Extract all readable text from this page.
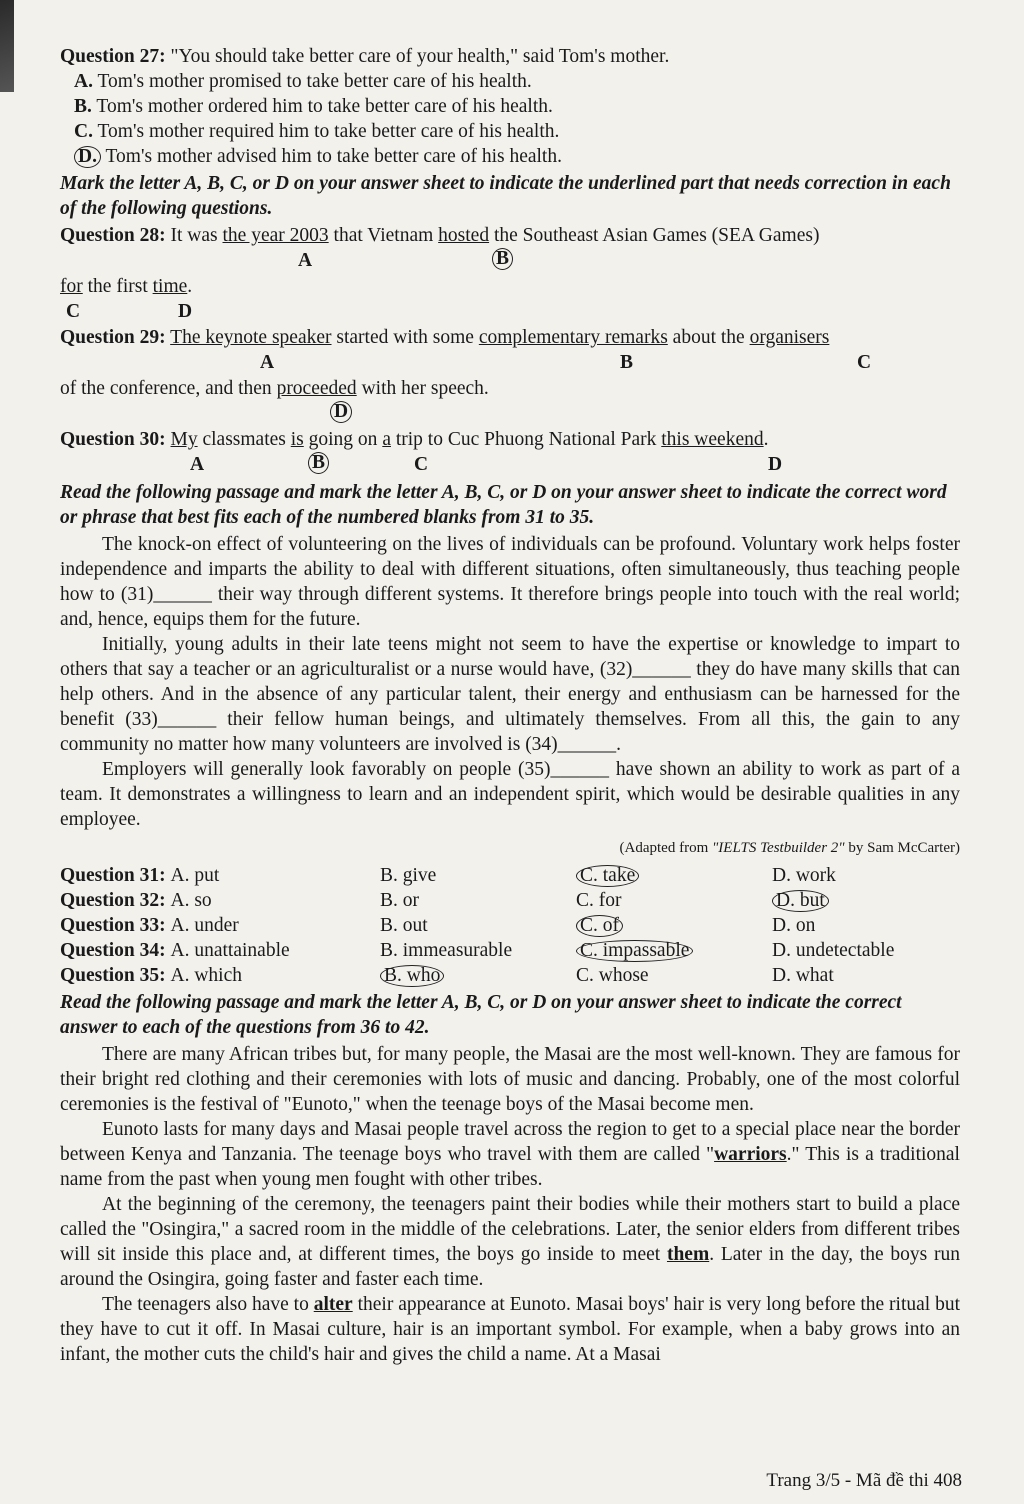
Question 27: "You should take better care of your health," said Tom's mother.

A. Tom's mother promised to take better care of his health.

B. Tom's mother ordered him to take better care of his health.

C. Tom's mother required him to take better care of his health.

D. Tom's mother advised him to take better care of his health.

Mark the letter A, B, C, or D on your answer sheet to indicate the underlined part that needs correction in each of the following questions.

Question 28: It was the year 2003 that Vietnam hosted the Southeast Asian Games (SEA Games)

A	B

for the first time.

C	D

Question 29: The keynote speaker started with some complementary remarks about the organisers

A	B	C

of the conference, and then proceeded with her speech.

D

Question 30: My classmates is going on a trip to Cuc Phuong National Park this weekend.

A	B	C	D

Read the following passage and mark the letter A, B, C, or D on your answer sheet to indicate the correct word or phrase that best fits each of the numbered blanks from 31 to 35.

The knock-on effect of volunteering on the lives of individuals can be profound. Voluntary work helps foster independence and imparts the ability to deal with different situations, often simultaneously, thus teaching people how to (31)______ their way through different systems. It therefore brings people into touch with the real world; and, hence, equips them for the future.

Initially, young adults in their late teens might not seem to have the expertise or knowledge to impart to others that say a teacher or an agriculturalist or a nurse would have, (32)______ they do have many skills that can help others. And in the absence of any particular talent, their energy and enthusiasm can be harnessed for the benefit (33)______ their fellow human beings, and ultimately themselves. From all this, the gain to any community no matter how many volunteers are involved is (34)______.

Employers will generally look favorably on people (35)______ have shown an ability to work as part of a team. It demonstrates a willingness to learn and an independent spirit, which would be desirable qualities in any employee.

(Adapted from "IELTS Testbuilder 2" by Sam McCarter)

Question 31: A. put	B. give	C. take	D. work
Question 32: A. so	B. or	C. for	D. but
Question 33: A. under	B. out	C. of	D. on
Question 34: A. unattainable	B. immeasurable	C. impassable	D. undetectable
Question 35: A. which	B. who	C. whose	D. what

Read the following passage and mark the letter A, B, C, or D on your answer sheet to indicate the correct answer to each of the questions from 36 to 42.

There are many African tribes but, for many people, the Masai are the most well-known. They are famous for their bright red clothing and their ceremonies with lots of music and dancing. Probably, one of the most colorful ceremonies is the festival of "Eunoto," when the teenage boys of the Masai become men.

Eunoto lasts for many days and Masai people travel across the region to get to a special place near the border between Kenya and Tanzania. The teenage boys who travel with them are called "warriors." This is a traditional name from the past when young men fought with other tribes.

At the beginning of the ceremony, the teenagers paint their bodies while their mothers start to build a place called the "Osingira," a sacred room in the middle of the celebrations. Later, the senior elders from different tribes will sit inside this place and, at different times, the boys go inside to meet them. Later in the day, the boys run around the Osingira, going faster and faster each time.

The teenagers also have to alter their appearance at Eunoto. Masai boys' hair is very long before the ritual but they have to cut it off. In Masai culture, hair is an important symbol. For example, when a baby grows into an infant, the mother cuts the child's hair and gives the child a name. At a Masai

Trang 3/5 - Mã đề thi 408
